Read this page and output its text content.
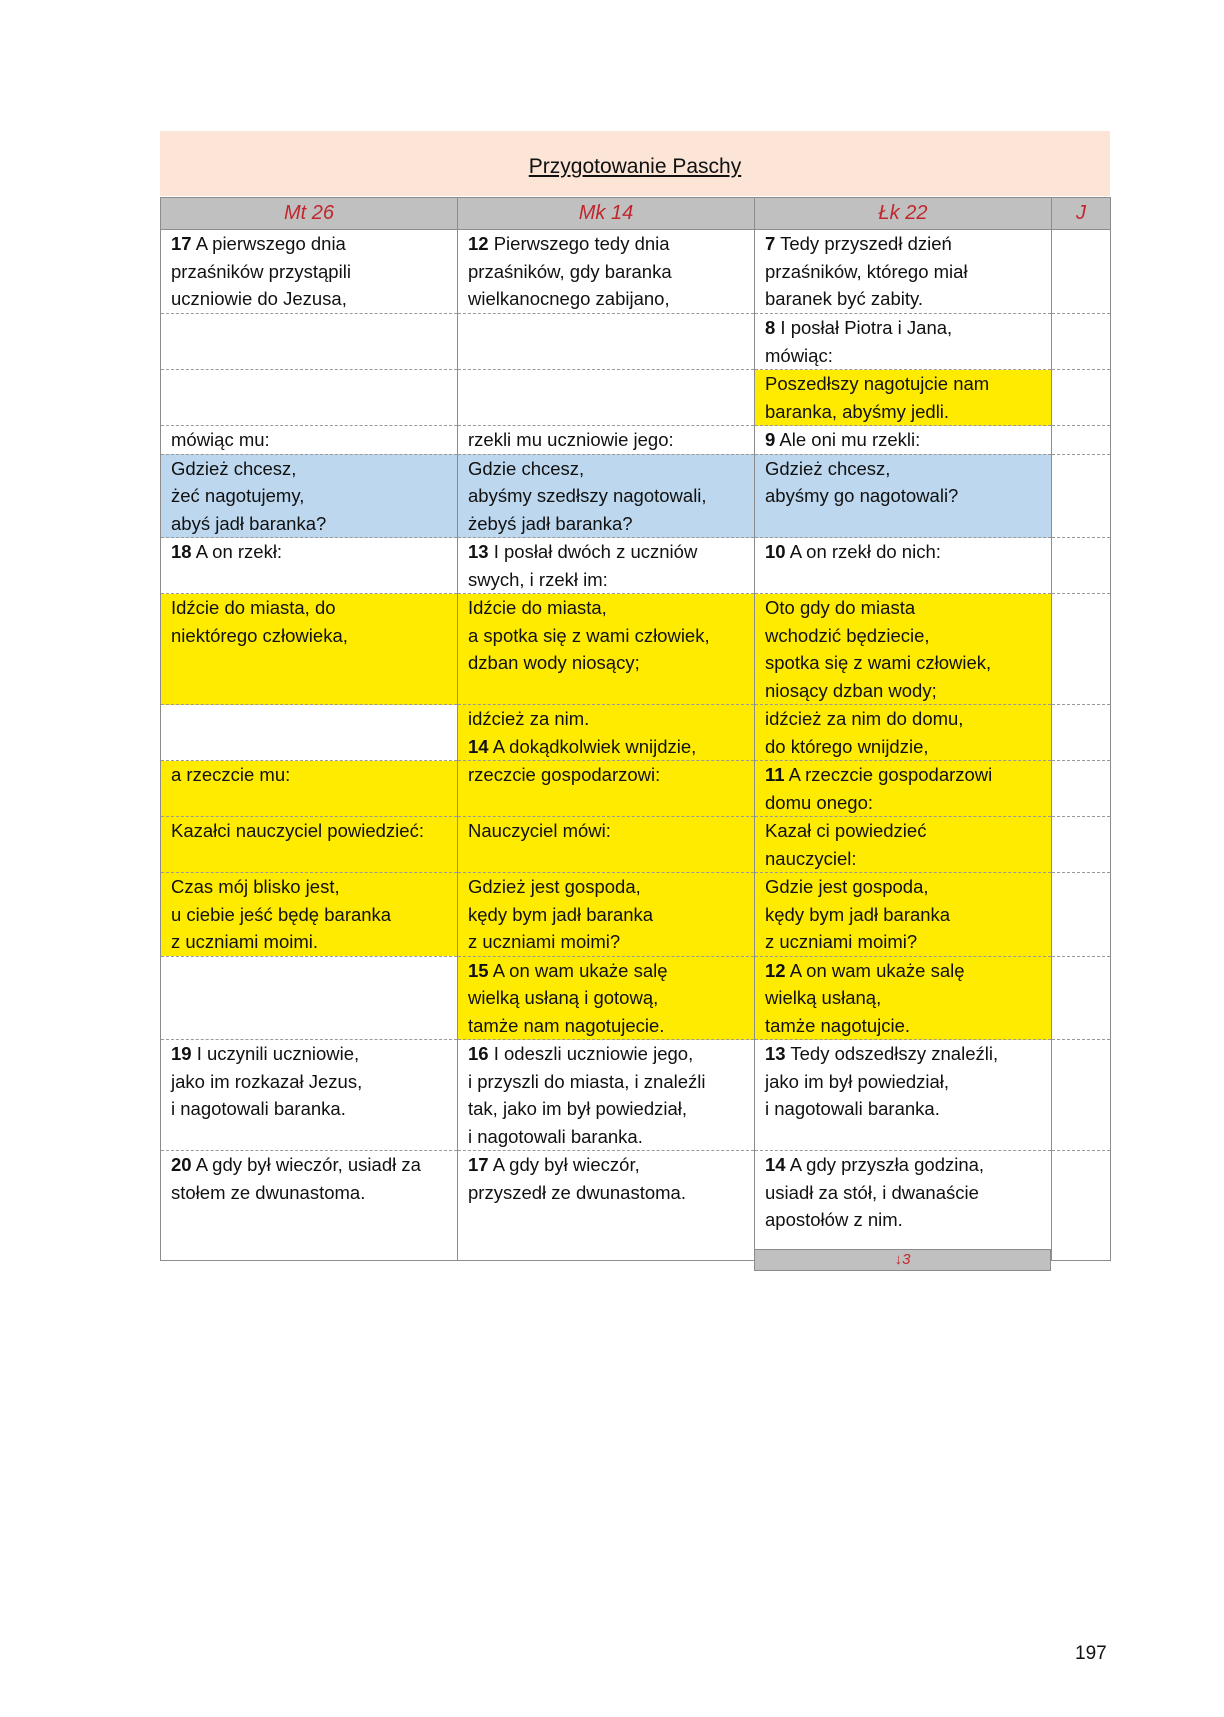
Przygotowanie Paschy
Mt 26	Mk 14	Łk 22	J
17 A pierwszego dnia
przaśników przystąpili
uczniowie do Jezusa,	12 Pierwszego tedy dnia
przaśników, gdy baranka
wielkanocnego zabijano,	7 Tedy przyszedł dzień
przaśników, którego miał
baranek być zabity.	
		8 I posłał Piotra i Jana,
mówiąc:	
		Poszedłszy nagotujcie nam
baranka, abyśmy jedli.	
mówiąc mu:	rzekli mu uczniowie jego:	9 Ale oni mu rzekli:	
Gdzież chcesz,
żeć nagotujemy,
abyś jadł baranka?	Gdzie chcesz,
abyśmy szedłszy nagotowali,
żebyś jadł baranka?	Gdzież chcesz,
abyśmy go nagotowali?	
18 A on rzekł:	13 I posłał dwóch z uczniów
swych, i rzekł im:	10 A on rzekł do nich:	
Idźcie do miasta, do
niektórego człowieka,	Idźcie do miasta,
a spotka się z wami człowiek,
dzban wody niosący;	Oto gdy do miasta
wchodzić będziecie,
spotka się z wami człowiek,
niosący dzban wody;	
	idźcież za nim.
14 A dokądkolwiek wnijdzie,	idźcież za nim do domu,
do którego wnijdzie,	
a rzeczcie mu:	rzeczcie gospodarzowi:	11 A rzeczcie gospodarzowi
domu onego:	
Kazałci nauczyciel powiedzieć:	Nauczyciel mówi:	Kazał ci powiedzieć
nauczyciel:	
Czas mój blisko jest,
u ciebie jeść będę baranka
z uczniami moimi.	Gdzież jest gospoda,
kędy bym jadł baranka
z uczniami moimi?	Gdzie jest gospoda,
kędy bym jadł baranka
z uczniami moimi?	
	15 A on wam ukaże salę
wielką usłaną i gotową,
tamże nam nagotujecie.	12 A on wam ukaże salę
wielką usłaną,
tamże nagotujcie.	
19 I uczynili uczniowie,
jako im rozkazał Jezus,
i nagotowali baranka.	16 I odeszli uczniowie jego,
i przyszli do miasta, i znaleźli
tak, jako im był powiedział,
i nagotowali baranka.	13 Tedy odszedłszy znaleźli,
jako im był powiedział,
i nagotowali baranka.	
20 A gdy był wieczór, usiadł za
stołem ze dwunastoma.	17 A gdy był wieczór,
przyszedł ze dwunastoma.	14 A gdy przyszła godzina,
usiadł za stół, i dwanaście
apostołów z nim.	
↓3
197
